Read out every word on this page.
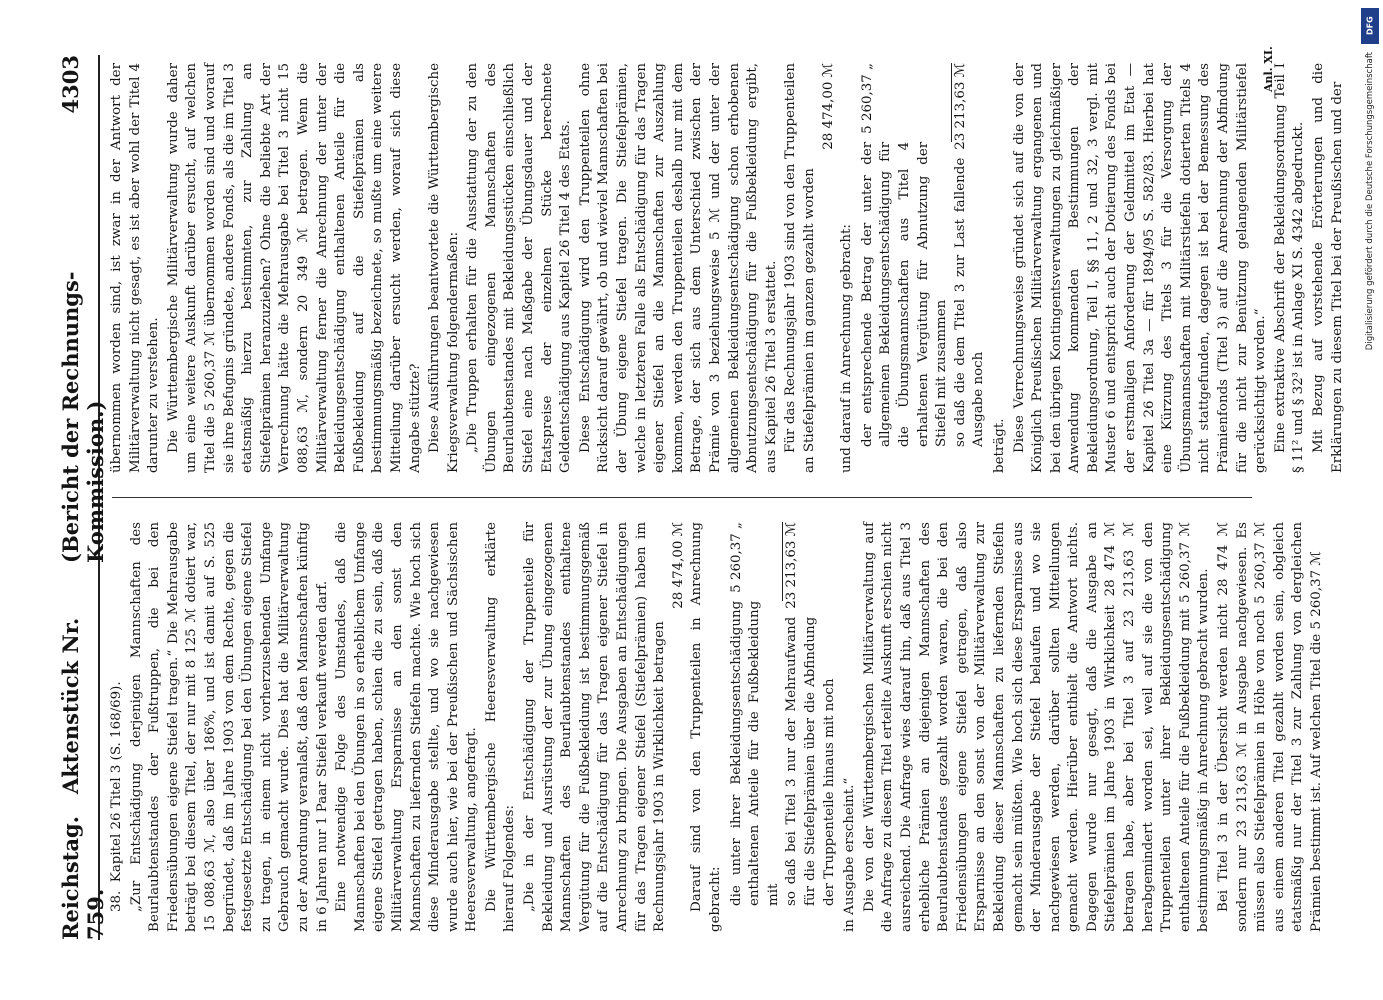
Reichstag.   Aktenstück Nr. 759.
(Bericht der Rechnungs-Kommission.)
4303

38.  Kapitel 26 Titel 3 (S. 168/69). „Zur Entschädigung derjenigen Mannschaften des Beurlaubtenstandes der Fußtruppen, die bei den Friedensübungen eigene Stiefel tragen.“ Die Mehrausgabe beträgt bei diesem Titel, der nur mit 8 125 ℳ dotiert war, 15 088,63 ℳ, also über 186%, und ist damit auf S. 525 begründet, daß im Jahre 1903 von dem Rechte, gegen die festgesetzte Entschädigung bei den Übungen eigene Stiefel zu tragen, in einem nicht vorherzusehenden Umfange Gebrauch gemacht wurde. Dies hat die Militärverwaltung zu der Anordnung veranlaßt, daß den Mannschaften künftig in 6 Jahren nur 1 Paar Stiefel verkauft werden darf. Eine notwendige Folge des Umstandes, daß die Mannschaften bei den Übungen in so erheblichem Umfange eigene Stiefel getragen haben, schien die zu sein, daß die Militärverwaltung Ersparnisse an den sonst den Mannschaften zu liefernden Stiefeln machte. Wie hoch sich diese Minderausgabe stellte, und wo sie nachgewiesen wurde auch hier, wie bei der Preußischen und Sächsischen Heeresverwaltung, angefragt. Die Württembergische Heeresverwaltung erklärte hierauf Folgendes: „Die in der Entschädigung der Truppenteile für Bekleidung und Ausrüstung der zur Übung eingezogenen Mannschaften des Beurlaubtenstandes enthaltene Vergütung für die Fußbekleidung ist bestimmungsgemäß auf die Entschädigung für das Tragen eigener Stiefel in Anrechnung zu bringen. Die Ausgaben an Entschädigungen für das Tragen eigener Stiefel (Stiefelprämien) haben im Rechnungsjahr 1903 in Wirklichkeit betragen
28 474,00 ℳ Darauf sind von den Truppenteilen in Anrechnung gebracht: die unter ihrer Bekleidungsentschädigung enthaltenen Anteile für die Fußbekleidung mit
5 260,37 „
so daß bei Titel 3 nur der Mehraufwand für die Stiefelprämien über die Abfindung der Truppenteile hinaus mit noch
23 213,63 ℳ

in Ausgabe erscheint.“ Die von der Württembergischen Militärverwaltung auf die Anfrage zu diesem Titel erteilte Auskunft erschien nicht ausreichend. Die Anfrage wies darauf hin, daß aus Titel 3 erhebliche Prämien an diejenigen Mannschaften des Beurlaubtenstandes gezahlt worden waren, die bei den Friedensübungen eigene Stiefel getragen, daß also Ersparnisse an den sonst von der Militärverwaltung zur Bekleidung dieser Mannschaften zu liefernden Stiefeln gemacht sein müßten. Wie hoch sich diese Ersparnisse aus der Minderausgabe der Stiefel belaufen und wo sie nachgewiesen werden, darüber sollten Mitteilungen gemacht werden. Hierüber enthielt die Antwort nichts. Dagegen wurde nur gesagt, daß die Ausgabe an Stiefelprämien im Jahre 1903 in Wirklichkeit 28 474 ℳ betragen habe, aber bei Titel 3 auf 23 213,63 ℳ herabgemindert worden sei, weil auf sie die von den Truppenteilen unter ihrer Bekleidungsentschädigung enthaltenen Anteile für die Fußbekleidung mit 5 260,37 ℳ bestimmungsmäßig in Anrechnung gebracht wurden. Bei Titel 3 in der Übersicht werden nicht 28 474 ℳ sondern nur 23 213,63 ℳ in Ausgabe nachgewiesen. Es müssen also Stiefelprämien in Höhe von noch 5 260,37 ℳ aus einem anderen Titel gezahlt worden sein, obgleich etatsmäßig nur der Titel 3 zur Zahlung von dergleichen Prämien bestimmt ist. Auf welchen Titel die 5 260,37 ℳ

übernommen worden sind, ist zwar in der Antwort der Militärverwaltung nicht gesagt, es ist aber wohl der Titel 4 darunter zu verstehen. Die Württembergische Militärverwaltung wurde daher um eine weitere Auskunft darüber ersucht, auf welchen Titel die 5 260,37 ℳ übernommen worden sind und worauf sie ihre Befugnis gründete, andere Fonds, als die im Titel 3 etatsmäßig hierzu bestimmten, zur Zahlung an Stiefelprämien heranzuziehen? Ohne die beliebte Art der Verrechnung hätte die Mehrausgabe bei Titel 3 nicht 15 088,63 ℳ, sondern 20 349 ℳ betragen. Wenn die Militärverwaltung ferner die Anrechnung der unter der Bekleidungsentschädigung enthaltenen Anteile für die Fußbekleidung auf die Stiefelprämien als bestimmungsmäßig bezeichnete, so mußte um eine weitere Mitteilung darüber ersucht werden, worauf sich diese Angabe stützte? Diese Ausführungen beantwortete die Württembergische Kriegsverwaltung folgendermaßen: „Die Truppen erhalten für die Ausstattung der zu den Übungen eingezogenen Mannschaften des Beurlaubtenstandes mit Bekleidungsstücken einschließlich Stiefel eine nach Maßgabe der Übungsdauer und der Etatspreise der einzelnen Stücke berechnete Geldentschädigung aus Kapitel 26 Titel 4 des Etats. Diese Entschädigung wird den Truppenteilen ohne Rücksicht darauf gewährt, ob und wieviel Mannschaften bei der Übung eigene Stiefel tragen. Die Stiefelprämien, welche in letzteren Falle als Entschädigung für das Tragen eigener Stiefel an die Mannschaften zur Auszahlung kommen, werden den Truppenteilen deshalb nur mit dem Betrage, der sich aus dem Unterschied zwischen der Prämie von 3 beziehungsweise 5 ℳ und der unter der allgemeinen Bekleidungsentschädigung schon erhobenen Abnutzungsentschädigung für die Fußbekleidung ergibt, aus Kapitel 26 Titel 3 erstattet. Für das Rechnungsjahr 1903 sind von den Truppenteilen an Stiefelprämien im ganzen gezahlt worden
28 474,00 ℳ

und darauf in Anrechnung gebracht: der entsprechende Betrag der unter der allgemeinen Bekleidungsentschädigung für die Übungsmannschaften aus Titel 4 erhaltenen Vergütung für Abnutzung der Stiefel mit zusammen
5 260,37 „
so daß die dem Titel 3 zur Last fallende Ausgabe noch
23 213,63 ℳ

beträgt. Diese Verrechnungsweise gründet sich auf die von der Königlich Preußischen Militärverwaltung ergangenen und bei den übrigen Kontingentsverwaltungen zu gleichmäßiger Anwendung kommenden Bestimmungen der Bekleidungsordnung, Teil I, §§ 11, 2 und 32, 3 vergl. mit Muster 6 und entspricht auch der Dotierung des Fonds bei der erstmaligen Anforderung der Geldmittel im Etat — Kapitel 26 Titel 3a — für 1894/95 S. 582/83. Hierbei hat eine Kürzung des Titels 3 für die Versorgung der Übungsmannschaften mit Militärstiefeln dotierten Titels 4 nicht stattgefunden, dagegen ist bei der Bemessung des Prämienfonds (Titel 3) auf die Anrechnung der Abfindung für die nicht zur Benützung gelangenden Militärstiefel gerücksichtigt worden.“ Eine extraktive Abschrift der Bekleidungsordnung Teil I § 11² und § 32³ ist in Anlage XI S. 4342 abgedruckt. Mit Bezug auf vorstehende Erörterungen und die Erklärungen zu diesem Titel bei der Preußischen und der

Anl. XI.
DFG
Digitalisierung gefördert durch die Deutsche Forschungsgemeinschaft
